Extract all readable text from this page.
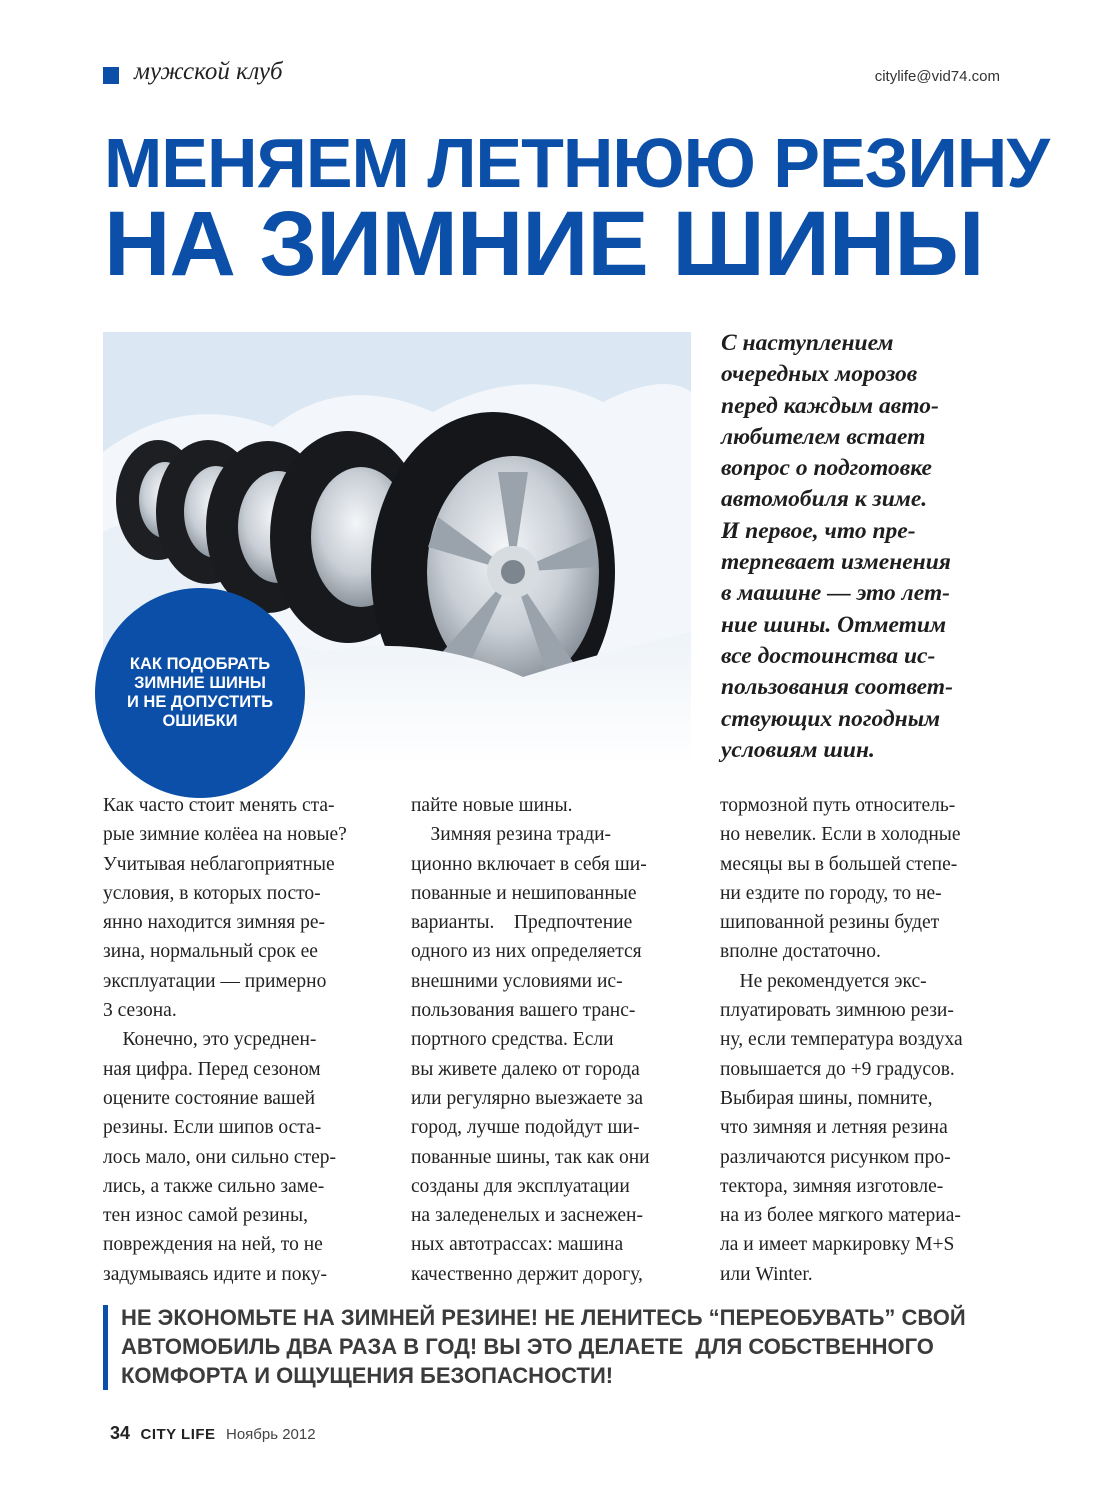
мужской клуб	citylife@vid74.com
МЕНЯЕМ ЛЕТНЮЮ РЕЗИНУ
НА ЗИМНИЕ ШИНЫ
КАК ПОДОБРАТЬ
ЗИМНИЕ ШИНЫ
И НЕ ДОПУСТИТЬ
ОШИБКИ

С наступлением
очередных морозов
перед каждым авто-
любителем встает
вопрос о подготовке
автомобиля к зиме.
И первое, что пре-
терпевает изменения
в машине — это лет-
ние шины. Отметим
все достоинства ис-
пользования соответ-
ствующих погодным
условиям шин.

Как часто стоит менять ста-
рые зимние колёеа на новые?
Учитывая неблагоприятные
условия, в которых посто-
янно находится зимняя ре-
зина, нормальный срок ее
эксплуатации — примерно
3 сезона.
Конечно, это усреднен-
ная цифра. Перед сезоном
оцените состояние вашей
резины. Если шипов оста-
лось мало, они сильно стер-
лись, а также сильно заме-
тен износ самой резины,
повреждения на ней, то не
задумываясь идите и поку-

пайте новые шины.
Зимняя резина тради-
ционно включает в себя ши-
пованные и нешипованные
варианты.    Предпочтение
одного из них определяется
внешними условиями ис-
пользования вашего транс-
портного средства. Если
вы живете далеко от города
или регулярно выезжаете за
город, лучше подойдут ши-
пованные шины, так как они
созданы для эксплуатации
на заледенелых и заснежен-
ных автотрассах: машина
качественно держит дорогу,

тормозной путь относитель-
но невелик. Если в холодные
месяцы вы в большей степе-
ни ездите по городу, то не-
шипованной резины будет
вполне достаточно.
Не рекомендуется экс-
плуатировать зимнюю рези-
ну, если температура воздуха
повышается до +9 градусов.
Выбирая шины, помните,
что зимняя и летняя резина
различаются рисунком про-
тектора, зимняя изготовле-
на из более мягкого материа-
ла и имеет маркировку M+S
или Winter.

НЕ ЭКОНОМЬТЕ НА ЗИМНЕЙ РЕЗИНЕ! НЕ ЛЕНИТЕСЬ “ПЕРЕОБУВАТЬ” СВОЙ
АВТОМОБИЛЬ ДВА РАЗА В ГОД! ВЫ ЭТО ДЕЛАЕТЕ  ДЛЯ СОБСТВЕННОГО
КОМФОРТА И ОЩУЩЕНИЯ БЕЗОПАСНОСТИ!

34 CITY LIFE Ноябрь 2012
